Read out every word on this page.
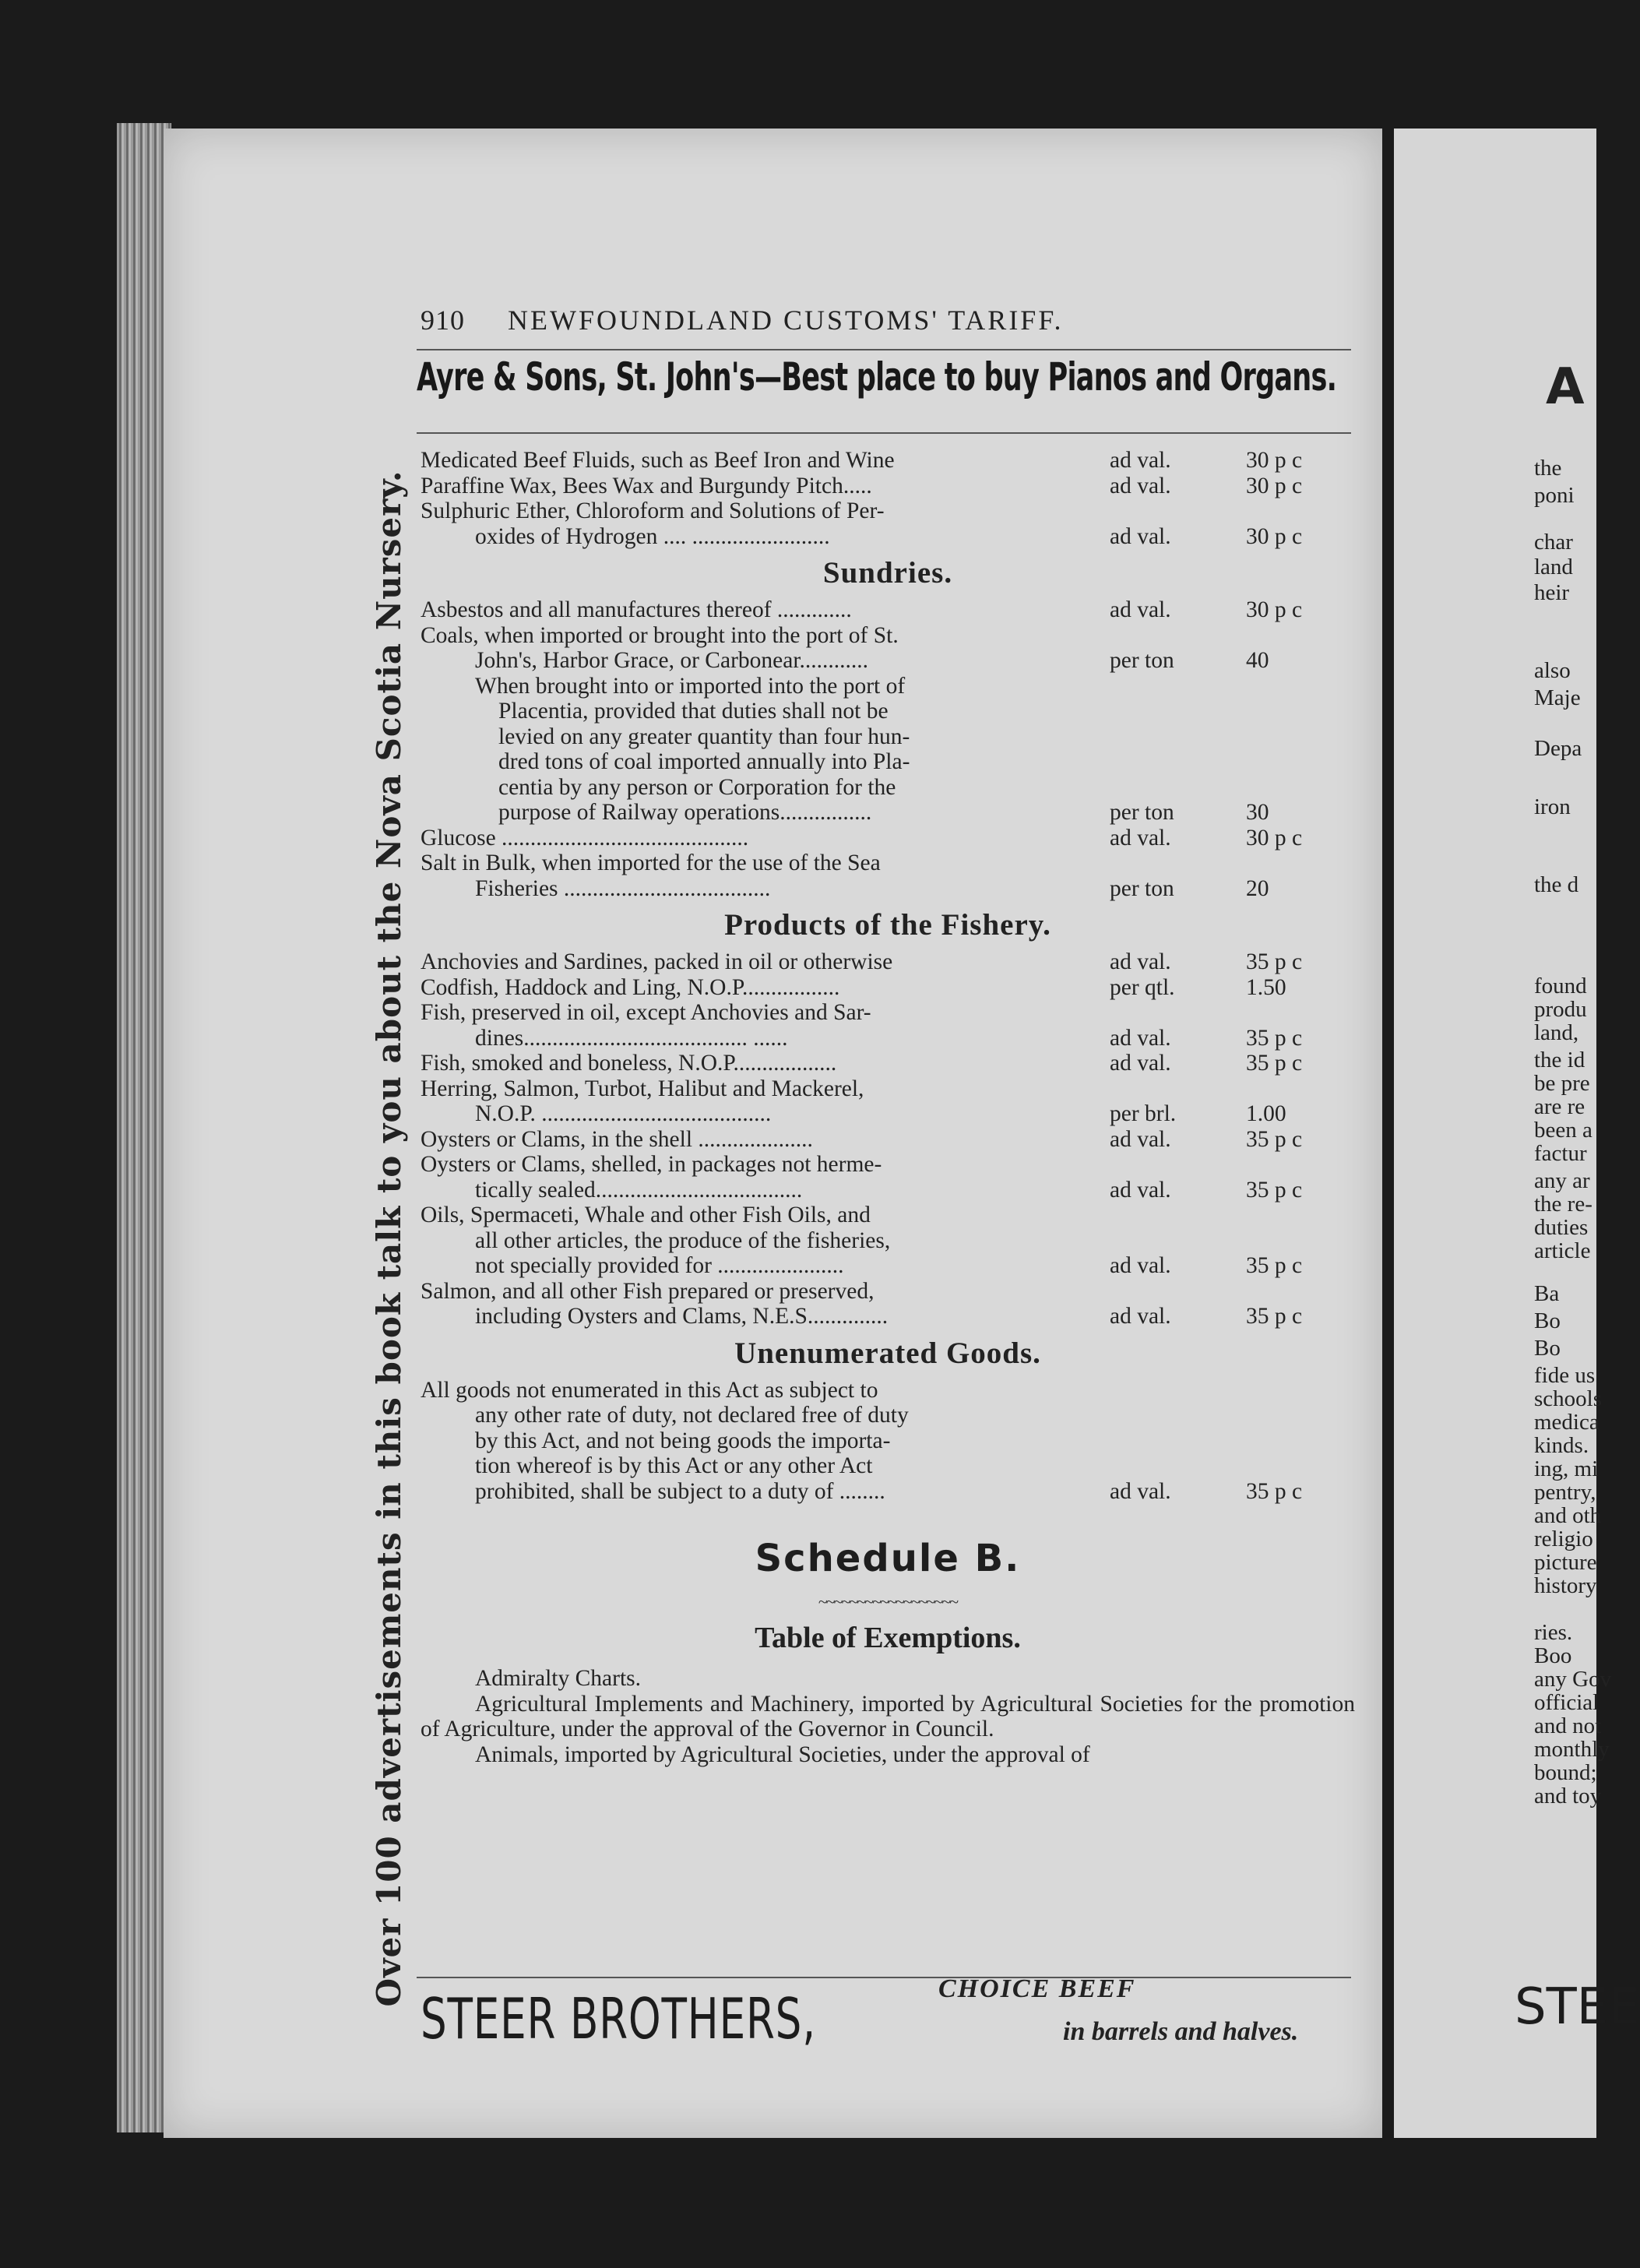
Over 100 advertisements in this book talk to you about the Nova Scotia Nursery.
910 NEWFOUNDLAND CUSTOMS' TARIFF.
Ayre & Sons, St. John's—Best place to buy Pianos and Organs.
Medicated Beef Fluids, such as Beef Iron and Wine	ad val.	30 p c
Paraffine Wax, Bees Wax and Burgundy Pitch.....	ad val.	30 p c
Sulphuric Ether, Chloroform and Solutions of Per-
oxides of Hydrogen .... ........................	ad val.	30 p c
Sundries.
Asbestos and all manufactures thereof .............	ad val.	30 p c
Coals, when imported or brought into the port of St.
John's, Harbor Grace, or Carbonear............	per ton	40
When brought into or imported into the port of
Placentia, provided that duties shall not be
levied on any greater quantity than four hun-
dred tons of coal imported annually into Pla-
centia by any person or Corporation for the
purpose of Railway operations................	per ton	30
Glucose ...........................................	ad val.	30 p c
Salt in Bulk, when imported for the use of the Sea
Fisheries ....................................	per ton	20
Products of the Fishery.
Anchovies and Sardines, packed in oil or otherwise	ad val.	35 p c
Codfish, Haddock and Ling, N.O.P.................	per qtl.	1.50
Fish, preserved in oil, except Anchovies and Sar-
dines....................................... ......	ad val.	35 p c
Fish, smoked and boneless, N.O.P..................	ad val.	35 p c
Herring, Salmon, Turbot, Halibut and Mackerel,
N.O.P. ........................................	per brl.	1.00
Oysters or Clams, in the shell ....................	ad val.	35 p c
Oysters or Clams, shelled, in packages not herme-
tically sealed....................................	ad val.	35 p c
Oils, Spermaceti, Whale and other Fish Oils, and
all other articles, the produce of the fisheries,
not specially provided for ......................	ad val.	35 p c
Salmon, and all other Fish prepared or preserved,
including Oysters and Clams, N.E.S..............	ad val.	35 p c
Unenumerated Goods.
All goods not enumerated in this Act as subject to
any other rate of duty, not declared free of duty
by this Act, and not being goods the importa-
tion whereof is by this Act or any other Act
prohibited, shall be subject to a duty of ........	ad val.	35 p c
Schedule B.
~~~~~~~~~~~~~~~~~~
Table of Exemptions.
Admiralty Charts.
Agricultural Implements and Machinery, imported by Agricultural Societies for the promotion of Agriculture, under the approval of the Governor in Council.
Animals, imported by Agricultural Societies, under the approval of
STEER BROTHERS,	CHOICE BEEF
in barrels and halves.
A
the
poni
char
land
heir
also
Maje
Depa
iron
the d
found
produ
land,
the id
be pre
are re
been a
factur
any ar
the re-
duties
article
Ba
Bo
Bo
fide us
schools
medica
kinds.
ing, mi
pentry,
and oth
religio
picture
history
ries.
Boo
any Gov
official
and not
monthly
bound;
and toy
STEE
